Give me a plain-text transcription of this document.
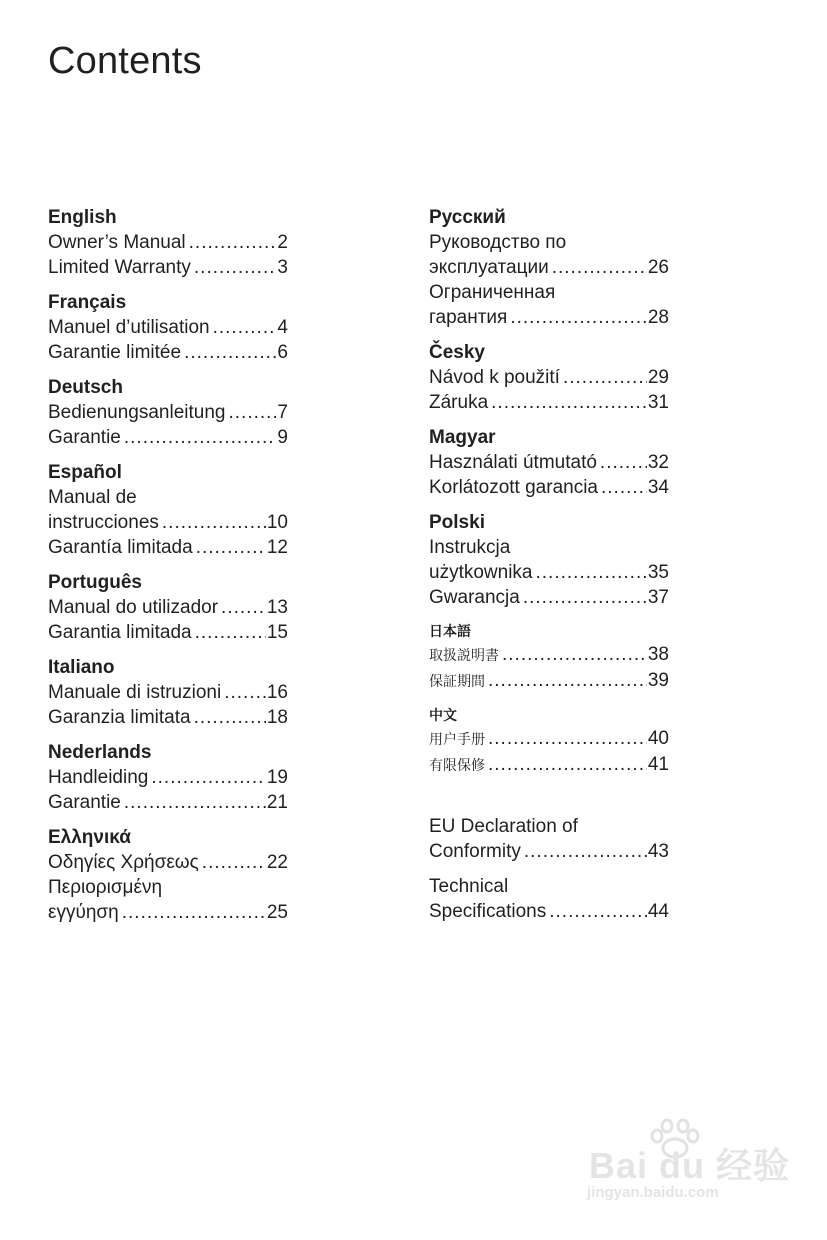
Contents
English
Owner’s Manual .....	2
Limited Warranty .....	3
Français
Manuel d’utilisation .....	4
Garantie limitée .....	6
Deutsch
Bedienungsanleitung .....	7
Garantie .....	9
Español
Manual de
instrucciones .....	10
Garantía limitada .....	12
Português
Manual do utilizador .....	13
Garantia limitada .....	15
Italiano
Manuale di istruzioni ..... 16
Garanzia limitata .....	18
Nederlands
Handleiding .....	19
Garantie .....	21
Ελληνικά
Οδηγίες Χρήσεως .....	22
Περιορισμένη
εγγύηση .....	25
Русский
Руководство по
эксплуатации .....	26
Ограниченная
гарантия .....	28
Česky
Návod k použití .....	29
Záruka .....	31
Magyar
Használati útmutató .....	32
Korlátozott garancia .....	34
Polski
Instrukcja
użytkownika .....	35
Gwarancja .....	37
日本語
取扱説明書 .....	38
保証期間 .....	39
中文
用户手册 .....	40
有限保修 .....	41
EU Declaration of
Conformity .....	43
Technical
Specifications .....	44
Bai du 经验
jingyan.baidu.com
